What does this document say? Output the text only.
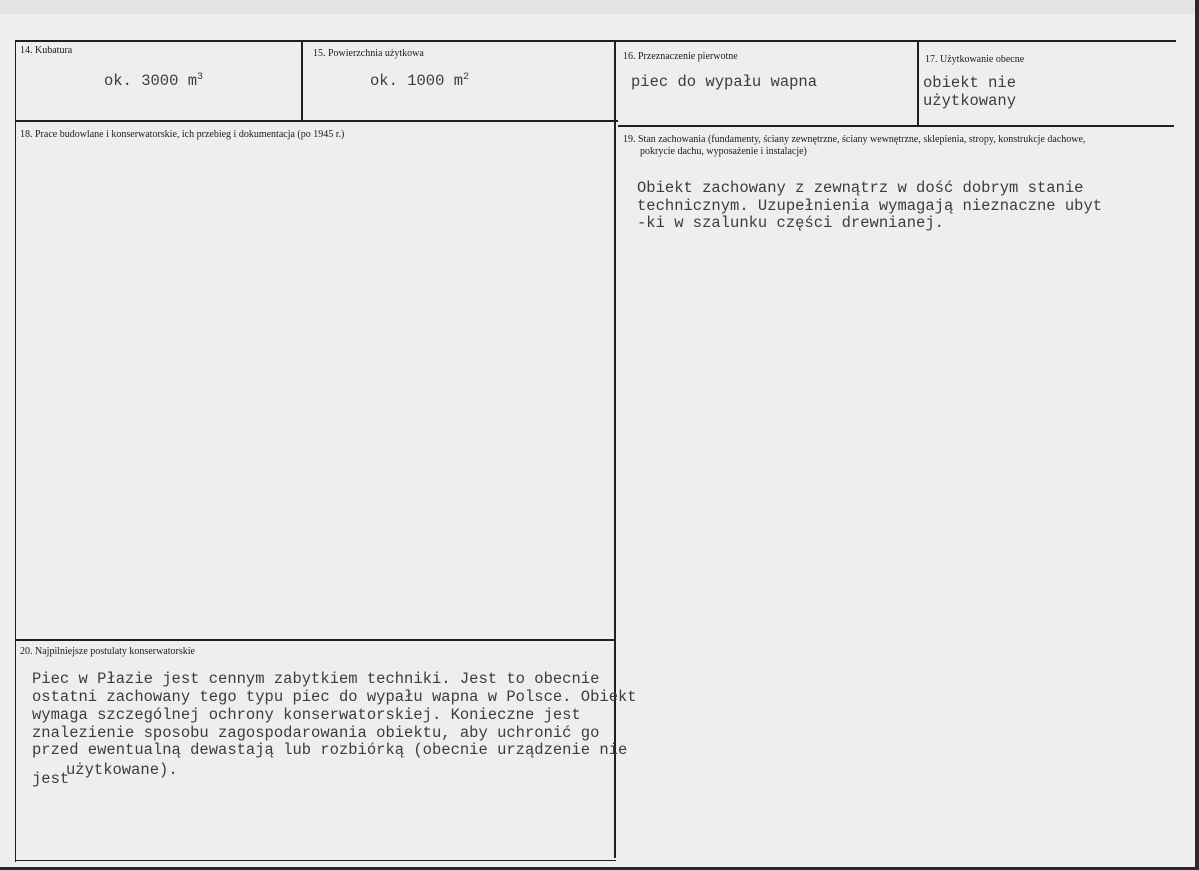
14. Kubatura
ok. 3000 $m^3$
15. Powierzchnia użytkowa
ok. 1000 $m^2$
16. Przeznaczenie pierwotne
piec do wypału wapna
17. Użytkowanie obecne
obiekt nie
użytkowany
18. Prace budowlane i konserwatorskie, ich przebieg i dokumentacja (po 1945 r.)	19. Stan zachowania (fundamenty, ściany zewnętrzne, ściany wewnętrzne, sklepienia, stropy, konstrukcje dachowe,
pokrycie dachu, wyposażenie i instalacje)
Obiekt zachowany z zewnątrz w dość dobrym stanie
technicznym. Uzupełnienia wymagają nieznaczne ubyt
-ki w szalunku części drewnianej.
20. Najpilniejsze postulaty konserwatorskie
Piec w Płazie jest cennym zabytkiem techniki. Jest to obecnie
ostatni zachowany tego typu piec do wypału wapna w Polsce. Obiekt
wymaga szczególnej ochrony konserwatorskiej. Konieczne jest
znalezienie sposobu zagospodarowania obiektu, aby uchronić go
przed ewentualną dewastają lub rozbiórką (obecnie urządzenie nie
jest
użytkowane).
